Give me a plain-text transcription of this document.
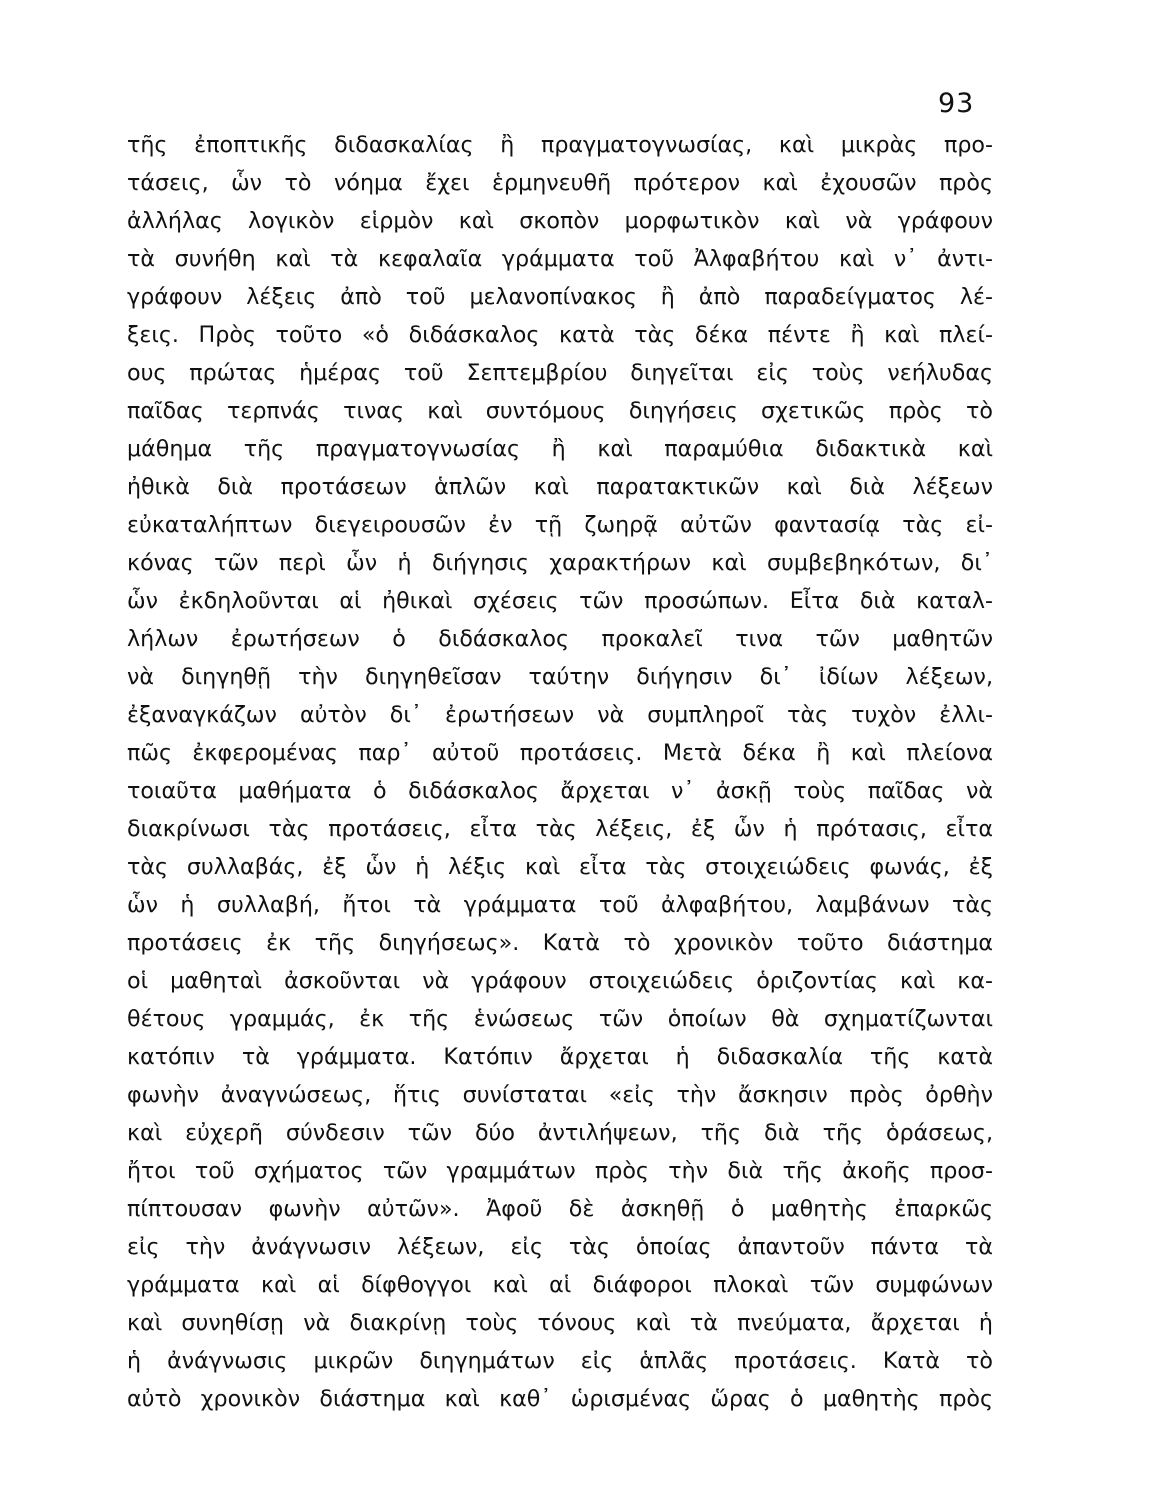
93
τῆς ἐποπτικῆς διδασκαλίας ἢ πραγματογνωσίας, καὶ μικρὰς προ-
τάσεις, ὧν τὸ νόημα ἔχει ἑρμηνευθῆ πρότερον καὶ ἐχουσῶν πρὸς
ἀλλήλας λογικὸν εἱρμὸν καὶ σκοπὸν μορφωτικὸν καὶ νὰ γράφουν
τὰ συνήθη καὶ τὰ κεφαλαῖα γράμματα τοῦ Ἀλφαβήτου καὶ ν᾽ ἀντι-
γράφουν λέξεις ἀπὸ τοῦ μελανοπίνακος ἢ ἀπὸ παραδείγματος λέ-
ξεις. Πρὸς τοῦτο «ὁ διδάσκαλος κατὰ τὰς δέκα πέντε ἢ καὶ πλεί-
ους πρώτας ἡμέρας τοῦ Σεπτεμβρίου διηγεῖται εἰς τοὺς νεήλυδας
παῖδας τερπνάς τινας καὶ συντόμους διηγήσεις σχετικῶς πρὸς τὸ
μάθημα τῆς πραγματογνωσίας ἢ καὶ παραμύθια διδακτικὰ καὶ
ἠθικὰ διὰ προτάσεων ἁπλῶν καὶ παρατακτικῶν καὶ διὰ λέξεων
εὐκαταλήπτων διεγειρουσῶν ἐν τῇ ζωηρᾷ αὐτῶν φαντασίᾳ τὰς εἰ-
κόνας τῶν περὶ ὧν ἡ διήγησις χαρακτήρων καὶ συμβεβηκότων, δι᾽
ὧν ἐκδηλοῦνται αἱ ἠθικαὶ σχέσεις τῶν προσώπων. Εἶτα διὰ καταλ-
λήλων ἐρωτήσεων ὁ διδάσκαλος προκαλεῖ τινα τῶν μαθητῶν
νὰ διηγηθῇ τὴν διηγηθεῖσαν ταύτην διήγησιν δι᾽ ἰδίων λέξεων,
ἐξαναγκάζων αὐτὸν δι᾽ ἐρωτήσεων νὰ συμπληροῖ τὰς τυχὸν ἐλλι-
πῶς ἐκφερομένας παρ᾽ αὐτοῦ προτάσεις. Μετὰ δέκα ἢ καὶ πλείονα
τοιαῦτα μαθήματα ὁ διδάσκαλος ἄρχεται ν᾽ ἀσκῇ τοὺς παῖδας νὰ
διακρίνωσι τὰς προτάσεις, εἶτα τὰς λέξεις, ἐξ ὧν ἡ πρότασις, εἶτα
τὰς συλλαβάς, ἐξ ὧν ἡ λέξις καὶ εἶτα τὰς στοιχειώδεις φωνάς, ἐξ
ὧν ἡ συλλαβή, ἤτοι τὰ γράμματα τοῦ ἀλφαβήτου, λαμβάνων τὰς
προτάσεις ἐκ τῆς διηγήσεως». Κατὰ τὸ χρονικὸν τοῦτο διάστημα
οἱ μαθηταὶ ἀσκοῦνται νὰ γράφουν στοιχειώδεις ὁριζοντίας καὶ κα-
θέτους γραμμάς, ἐκ τῆς ἑνώσεως τῶν ὁποίων θὰ σχηματίζωνται
κατόπιν τὰ γράμματα. Κατόπιν ἄρχεται ἡ διδασκαλία τῆς κατὰ
φωνὴν ἀναγνώσεως, ἥτις συνίσταται «εἰς τὴν ἄσκησιν πρὸς ὀρθὴν
καὶ εὐχερῆ σύνδεσιν τῶν δύο ἀντιλήψεων, τῆς διὰ τῆς ὁράσεως,
ἤτοι τοῦ σχήματος τῶν γραμμάτων πρὸς τὴν διὰ τῆς ἀκοῆς προσ-
πίπτουσαν φωνὴν αὐτῶν». Ἀφοῦ δὲ ἀσκηθῇ ὁ μαθητὴς ἐπαρκῶς
εἰς τὴν ἀνάγνωσιν λέξεων, εἰς τὰς ὁποίας ἀπαντοῦν πάντα τὰ
γράμματα καὶ αἱ δίφθογγοι καὶ αἱ διάφοροι πλοκαὶ τῶν συμφώνων
καὶ συνηθίσῃ νὰ διακρίνῃ τοὺς τόνους καὶ τὰ πνεύματα, ἄρχεται ἡ
ἡ ἀνάγνωσις μικρῶν διηγημάτων εἰς ἁπλᾶς προτάσεις. Κατὰ τὸ
αὐτὸ χρονικὸν διάστημα καὶ καθ᾽ ὡρισμένας ὥρας ὁ μαθητὴς πρὸς
